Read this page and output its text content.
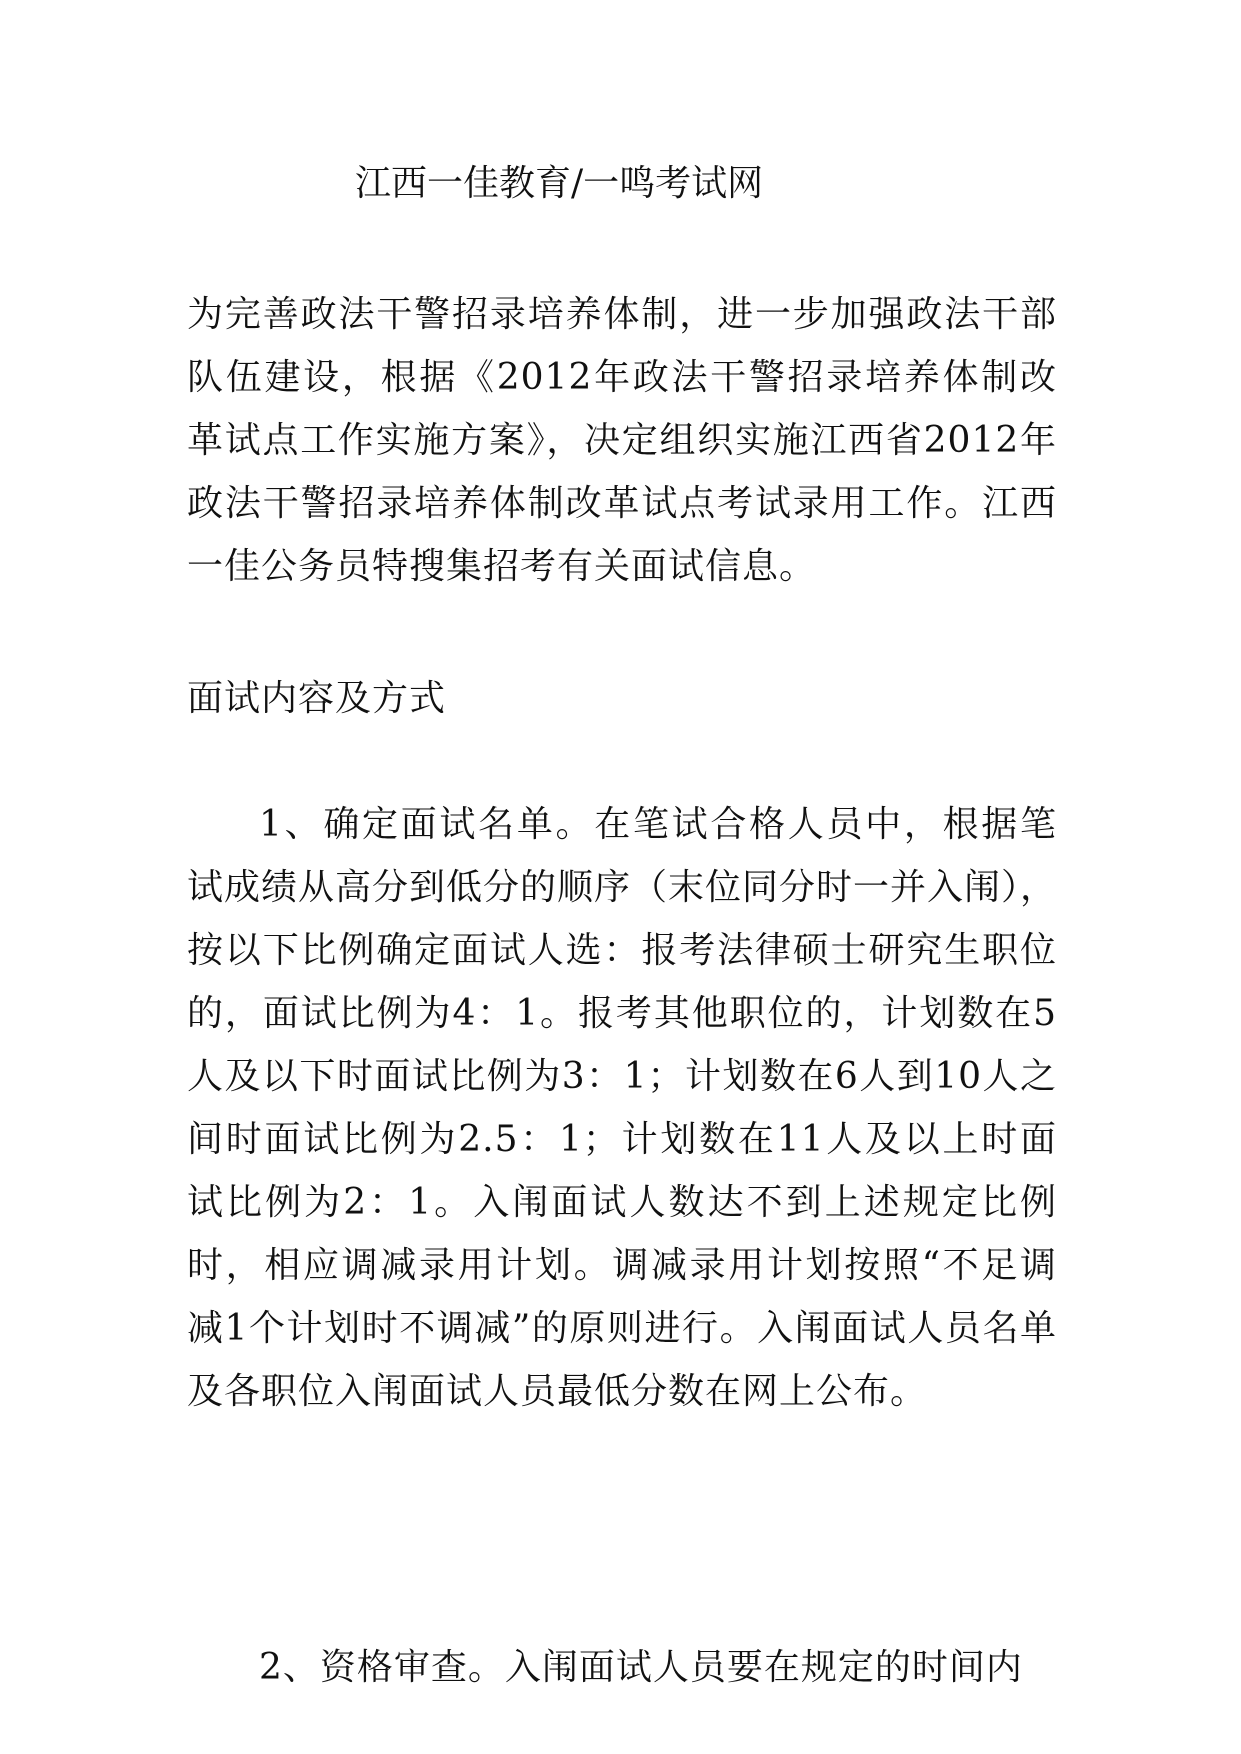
江西一佳教育/一鸣考试网

为完善政法干警招录培养体制，进一步加强政法干部队伍建设，根据《2012年政法干警招录培养体制改革试点工作实施方案》，决定组织实施江西省2012年政法干警招录培养体制改革试点考试录用工作。江西一佳公务员特搜集招考有关面试信息。

面试内容及方式

1、确定面试名单。在笔试合格人员中，根据笔试成绩从高分到低分的顺序（末位同分时一并入闱），按以下比例确定面试人选：报考法律硕士研究生职位的，面试比例为4：1。报考其他职位的，计划数在5人及以下时面试比例为3：1；计划数在6人到10人之间时面试比例为2.5：1；计划数在11人及以上时面试比例为2：1。入闱面试人数达不到上述规定比例时，相应调减录用计划。调减录用计划按照“不足调减1个计划时不调减”的原则进行。入闱面试人员名单及各职位入闱面试人员最低分数在网上公布。

2、资格审查。入闱面试人员要在规定的时间内
